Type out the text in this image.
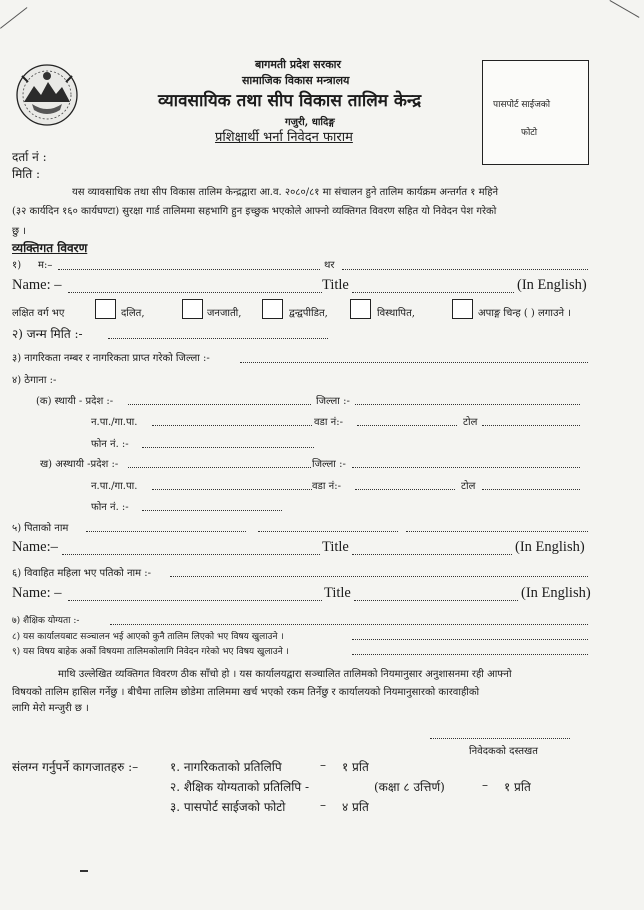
बागमती प्रदेश सरकार
सामाजिक विकास मन्त्रालय
व्यावसायिक तथा सीप विकास तालिम केन्द्र
गजुरी, धादिङ्ग
प्रशिक्षार्थी भर्ना निवेदन फाराम
पासपोर्ट साईजको
फोटो
दर्ता नं :
मिति :
यस व्यावसाधिक तथा सीप विकास तालिम केन्द्रद्वारा आ.व. २०८०/८१ मा संचालन हुने तालिम कार्यक्रम अन्तर्गत १ महिने
(३२ कार्यदिन १६० कार्यघण्टा) सुरक्षा गार्ड तालिममा सहभागि हुन इच्छुक भएकोले आफ्नो व्यक्तिगत विवरण सहित यो निवेदन पेश गरेको
छु ।
व्यक्तिगत विवरण
१) म:–	थर
Name: –	Title	(In English)
लक्षित वर्ग भए	दलित,	जनजाती,	द्वन्द्वपीडित,	विस्थापित,	अपाङ्ग चिन्ह ( ) लगाउने ।
२) जन्म मिति :-
३) नागरिकता नम्बर र नागरिकता प्राप्त गरेको जिल्ला :-
४) ठेगाना :-
(क) स्थायी - प्रदेश :-	जिल्ला :-
न.पा./गा.पा.	वडा नं:-	टोल
फोन नं. :-
ख) अस्थायी -प्रदेश :-	जिल्ला :-
न.पा./गा.पा.	वडा नं:-	टोल
फोन नं. :-
५) पिताको नाम
Name:–	Title	(In English)
६) विवाहित महिला भए पतिको नाम :-
Name: –	Title	(In English)
७) शैक्षिक योग्यता :-
८) यस कार्यालयबाट सञ्चालन भई आएको कुनै तालिम लिएको भए विषय खुलाउने ।
९) यस विषय बाहेक अर्को विषयमा तालिमकोलागि निवेदन गरेको भए विषय खुलाउने ।
माथि उल्लेखित व्यक्तिगत विवरण ठीक साँचो हो । यस कार्यालयद्वारा सञ्चालित तालिमको नियमानुसार अनुशासनमा रही आफ्नो
विषयको तालिम हासिल गर्नेछु । बीचैमा तालिम छोडेमा तालिममा खर्च भएको रकम तिर्नेछु र कार्यालयको नियमानुसारको कारवाहीको
लागि मेरो मन्जुरी छ ।
निवेदकको दस्तखत
संलग्न गर्नुपर्ने कागजातहरु :–	१. नागरिकताको प्रतिलिपि	– १ प्रति
२. शैक्षिक योग्यताको प्रतिलिपि -	(कक्षा ८ उत्तिर्ण)	– १ प्रति
३. पासपोर्ट साईजको फोटो	– ४ प्रति
